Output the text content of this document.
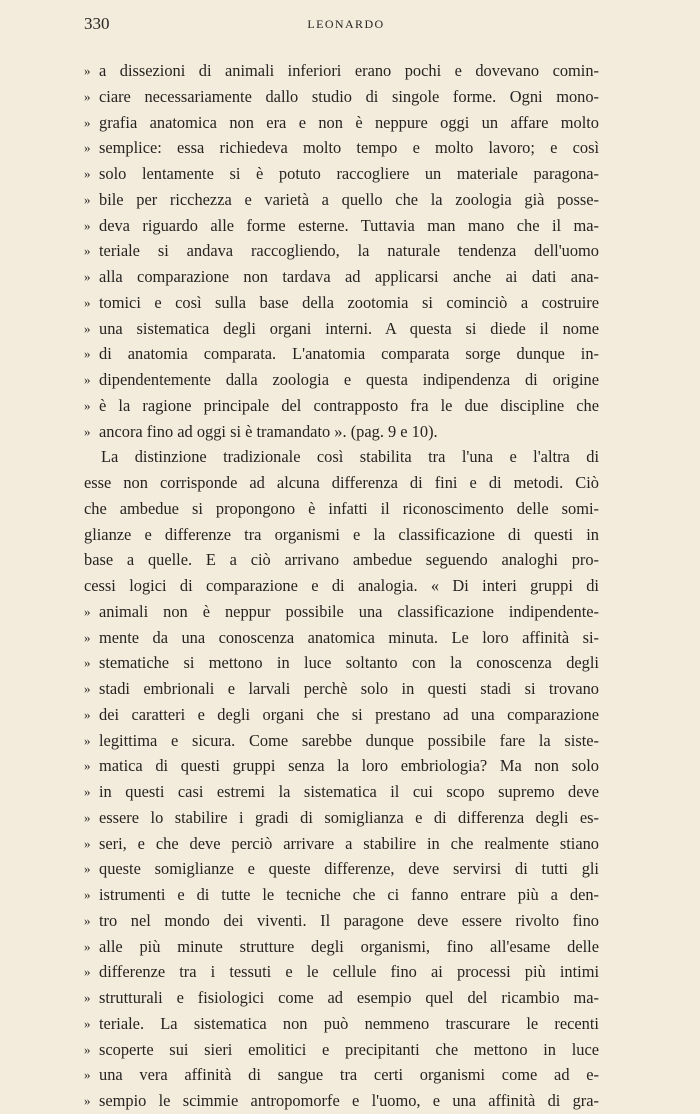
330	LEONARDO
» a dissezioni di animali inferiori erano pochi e dovevano comin-
» ciare necessariamente dallo studio di singole forme. Ogni mono-
» grafia anatomica non era e non è neppure oggi un affare molto
» semplice: essa richiedeva molto tempo e molto lavoro; e così
» solo lentamente si è potuto raccogliere un materiale paragona-
» bile per ricchezza e varietà a quello che la zoologia già posse-
» deva riguardo alle forme esterne. Tuttavia man mano che il ma-
» teriale si andava raccogliendo, la naturale tendenza dell'uomo
» alla comparazione non tardava ad applicarsi anche ai dati ana-
» tomici e così sulla base della zootomia si cominciò a costruire
» una sistematica degli organi interni. A questa si diede il nome
» di anatomia comparata. L'anatomia comparata sorge dunque in-
» dipendentemente dalla zoologia e questa indipendenza di origine
» è la ragione principale del contrapposto fra le due discipline che
» ancora fino ad oggi si è tramandato ». (pag. 9 e 10).
La distinzione tradizionale così stabilita tra l'una e l'altra di
esse non corrisponde ad alcuna differenza di fini e di metodi. Ciò
che ambedue si propongono è infatti il riconoscimento delle somi-
glianze e differenze tra organismi e la classificazione di questi in
base a quelle. E a ciò arrivano ambedue seguendo analoghi pro-
cessi logici di comparazione e di analogia. « Di interi gruppi di
» animali non è neppur possibile una classificazione indipendente-
» mente da una conoscenza anatomica minuta. Le loro affinità si-
» stematiche si mettono in luce soltanto con la conoscenza degli
» stadi embrionali e larvali perchè solo in questi stadi si trovano
» dei caratteri e degli organi che si prestano ad una comparazione
» legittima e sicura. Come sarebbe dunque possibile fare la siste-
» matica di questi gruppi senza la loro embriologia? Ma non solo
» in questi casi estremi la sistematica il cui scopo supremo deve
» essere lo stabilire i gradi di somiglianza e di differenza degli es-
» seri, e che deve perciò arrivare a stabilire in che realmente stiano
» queste somiglianze e queste differenze, deve servirsi di tutti gli
» istrumenti e di tutte le tecniche che ci fanno entrare più a den-
» tro nel mondo dei viventi. Il paragone deve essere rivolto fino
» alle più minute strutture degli organismi, fino all'esame delle
» differenze tra i tessuti e le cellule fino ai processi più intimi
» strutturali e fisiologici come ad esempio quel del ricambio ma-
» teriale. La sistematica non può nemmeno trascurare le recenti
» scoperte sui sieri emolitici e precipitanti che mettono in luce
» una vera affinità di sangue tra certi organismi come ad e-
» sempio le scimmie antropomorfe e l'uomo, e una affinità di gra-
